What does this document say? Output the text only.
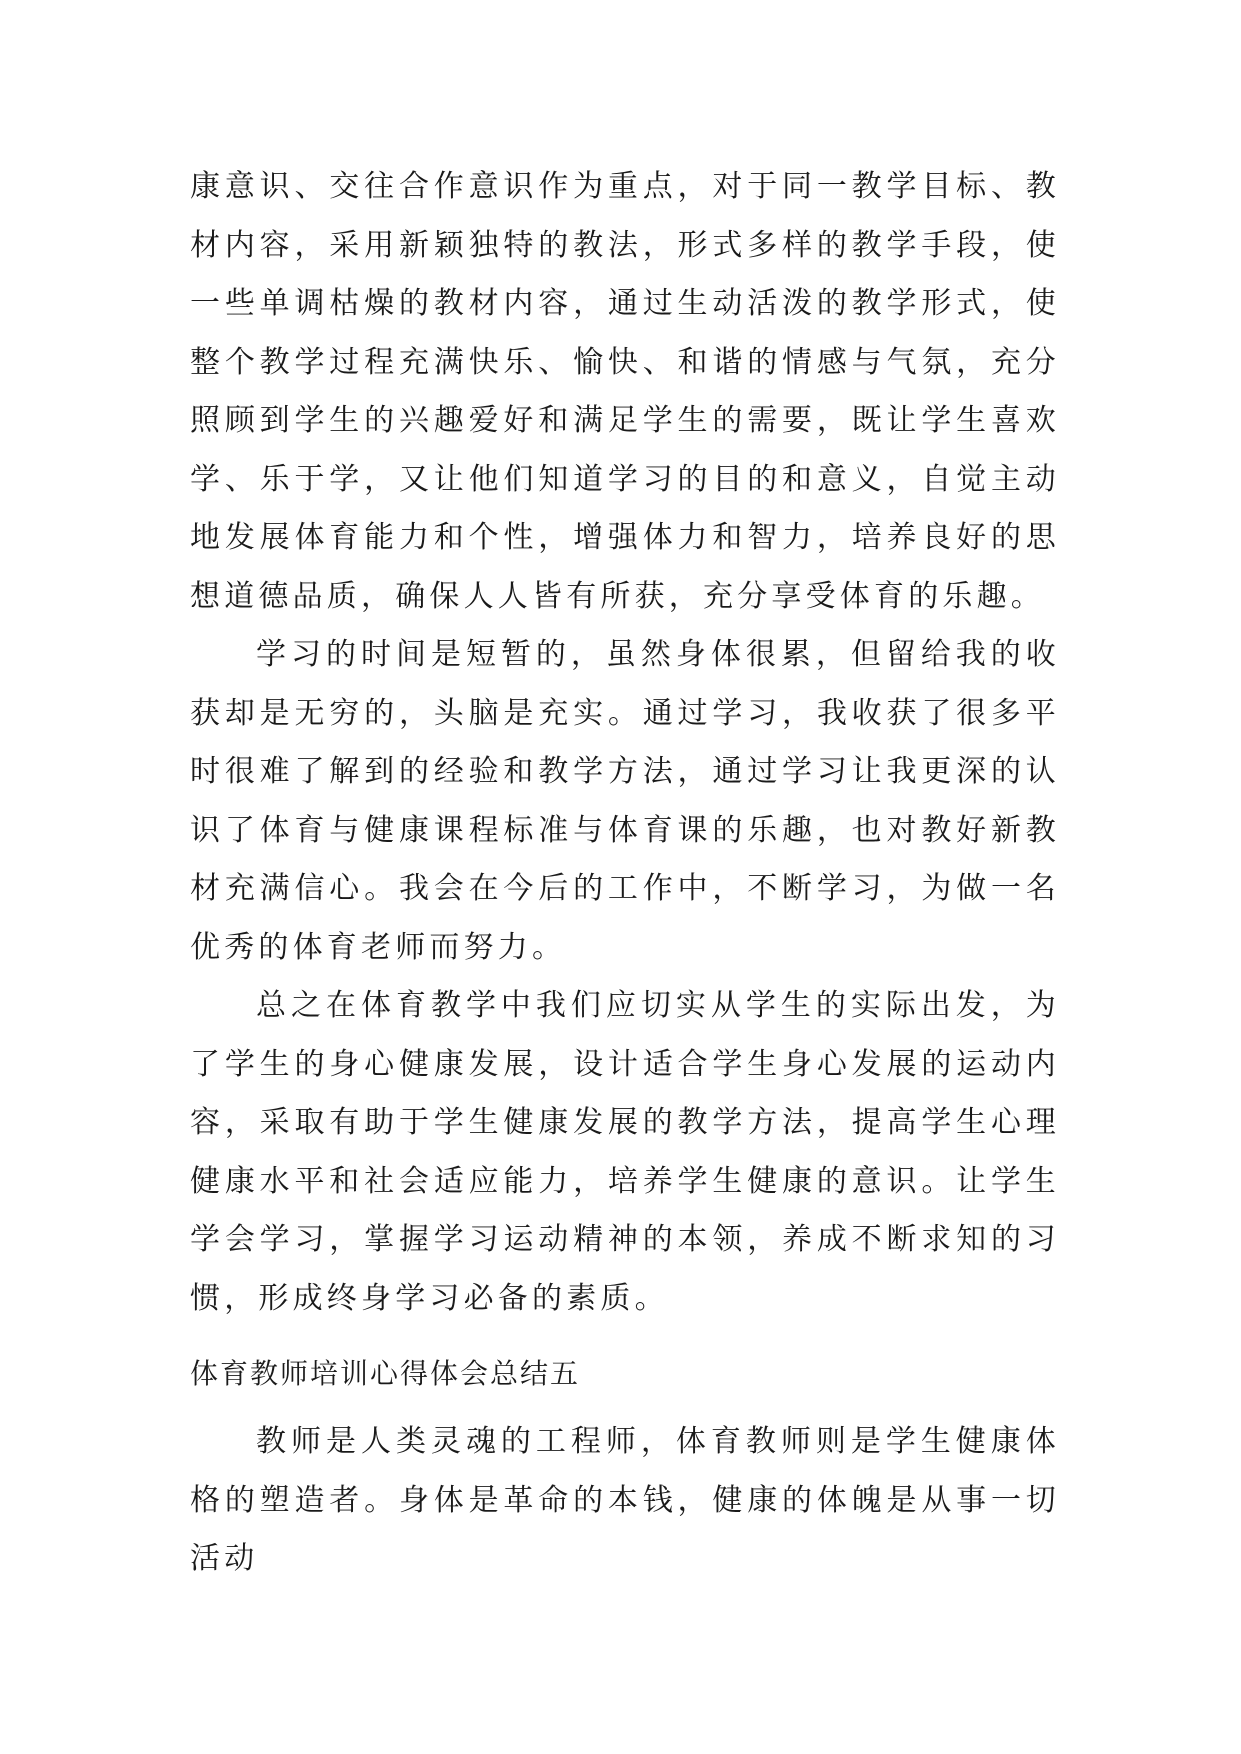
康意识、交往合作意识作为重点，对于同一教学目标、教材内容，采用新颖独特的教法，形式多样的教学手段，使一些单调枯燥的教材内容，通过生动活泼的教学形式，使整个教学过程充满快乐、愉快、和谐的情感与气氛，充分照顾到学生的兴趣爱好和满足学生的需要，既让学生喜欢学、乐于学，又让他们知道学习的目的和意义，自觉主动地发展体育能力和个性，增强体力和智力，培养良好的思想道德品质，确保人人皆有所获，充分享受体育的乐趣。

学习的时间是短暂的，虽然身体很累，但留给我的收获却是无穷的，头脑是充实。通过学习，我收获了很多平时很难了解到的经验和教学方法，通过学习让我更深的认识了体育与健康课程标准与体育课的乐趣，也对教好新教材充满信心。我会在今后的工作中，不断学习，为做一名优秀的体育老师而努力。

总之在体育教学中我们应切实从学生的实际出发，为了学生的身心健康发展，设计适合学生身心发展的运动内容，采取有助于学生健康发展的教学方法，提高学生心理健康水平和社会适应能力，培养学生健康的意识。让学生学会学习，掌握学习运动精神的本领，养成不断求知的习惯，形成终身学习必备的素质。

体育教师培训心得体会总结五

教师是人类灵魂的工程师，体育教师则是学生健康体格的塑造者。身体是革命的本钱，健康的体魄是从事一切活动
